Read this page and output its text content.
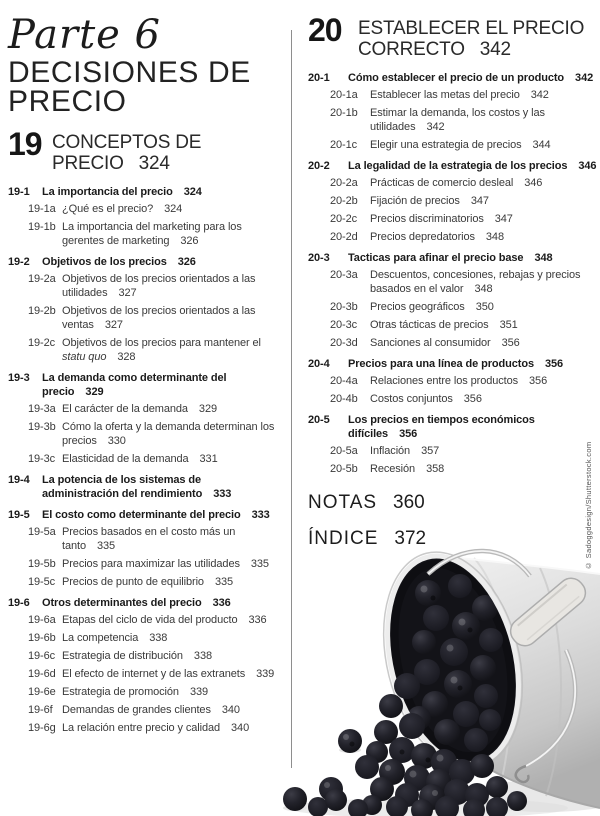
Parte 6
DECISIONES DE
PRECIO
19 CONCEPTOS DE
PRECIO 324
19-1	La importancia del precio 324
19-1a ¿Qué es el precio? 324
19-1b La importancia del marketing para los gerentes de marketing 326
19-2	Objetivos de los precios 326
19-2a Objetivos de los precios orientados a las utilidades 327
19-2b Objetivos de los precios orientados a las ventas 327
19-2c Objetivos de los precios para mantener el statu quo 328
19-3	La demanda como determinante del precio 329
19-3a El carácter de la demanda 329
19-3b Cómo la oferta y la demanda determinan los precios 330
19-3c Elasticidad de la demanda 331
19-4	La potencia de los sistemas de administración del rendimiento 333
19-5	El costo como determinante del precio 333
19-5a Precios basados en el costo más un tanto 335
19-5b Precios para maximizar las utilidades 335
19-5c Precios de punto de equilibrio 335
19-6	Otros determinantes del precio 336
19-6a Etapas del ciclo de vida del producto 336
19-6b La competencia 338
19-6c Estrategia de distribución 338
19-6d El efecto de internet y de las extranets 339
19-6e Estrategia de promoción 339
19-6f Demandas de grandes clientes 340
19-6g La relación entre precio y calidad 340
20 ESTABLECER EL PRECIO
CORRECTO 342
20-1	Cómo establecer el precio de un producto 342
20-1a	Establecer las metas del precio 342
20-1b	Estimar la demanda, los costos y las utilidades 342
20-1c	Elegir una estrategia de precios 344
20-2	La legalidad de la estrategia de los precios 346
20-2a	Prácticas de comercio desleal 346
20-2b	Fijación de precios 347
20-2c	Precios discriminatorios 347
20-2d	Precios depredatorios 348
20-3	Tacticas para afinar el precio base 348
20-3a	Descuentos, concesiones, rebajas y precios basados en el valor 348
20-3b	Precios geográficos 350
20-3c	Otras tácticas de precios 351
20-3d	Sanciones al consumidor 356
20-4	Precios para una línea de productos 356
20-4a	Relaciones entre los productos 356
20-4b	Costos conjuntos 356
20-5	Los precios en tiempos económicos difíciles 356
20-5a	Inflación 357
20-5b	Recesión 358
NOTAS 360
ÍNDICE 372	© Sadoggdesign/Shutterstock.com
